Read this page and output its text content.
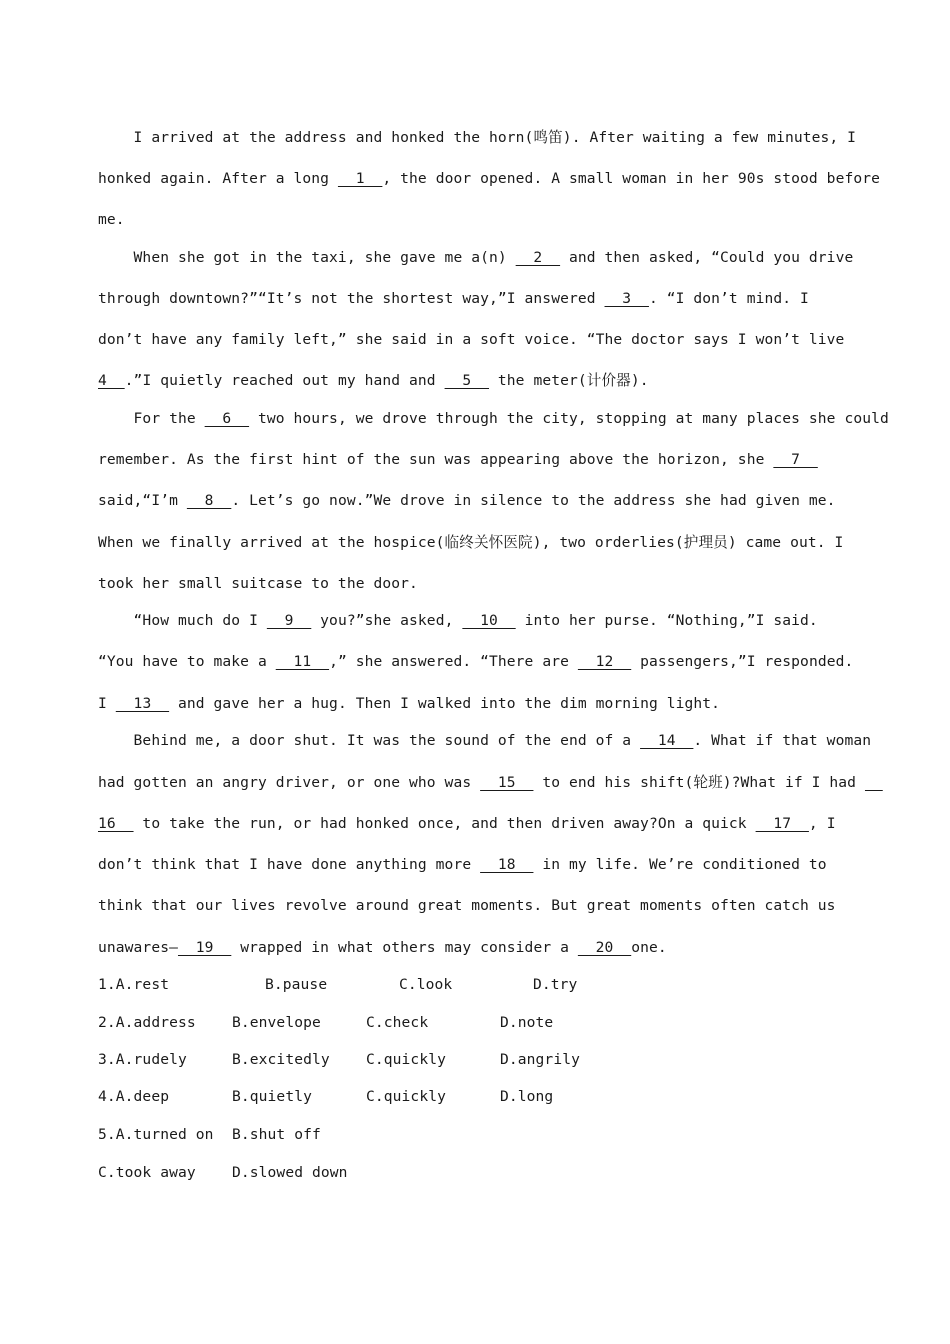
I arrived at the address and honked the horn(鸣笛). After waiting a few minutes, I
honked again. After a long   1  , the door opened. A small woman in her 90s stood before
me.
When she got in the taxi, she gave me a(n)   2   and then asked, “Could you drive
through downtown?”“It’s not the shortest way,”I answered   3  . “I don’t mind. I
don’t have any family left,” she said in a soft voice. “The doctor says I won’t live
4  .”I quietly reached out my hand and   5   the meter(计价器).
For the   6   two hours, we drove through the city, stopping at many places she could
remember. As the first hint of the sun was appearing above the horizon, she   7
said,“I’m   8  . Let’s go now.”We drove in silence to the address she had given me.
When we finally arrived at the hospice(临终关怀医院), two orderlies(护理员) came out. I
took her small suitcase to the door.
“How much do I   9   you?”she asked,   10   into her purse. “Nothing,”I said.
“You have to make a   11  ,” she answered. “There are   12   passengers,”I responded.
I   13   and gave her a hug. Then I walked into the dim morning light.
Behind me, a door shut. It was the sound of the end of a   14  . What if that woman
had gotten an angry driver, or one who was   15   to end his shift(轮班)?What if I had
16   to take the run, or had honked once, and then driven away?On a quick   17  , I
don’t think that I have done anything more   18   in my life. We’re conditioned to
think that our lives revolve around great moments. But great moments often catch us
unawares—  19   wrapped in what others may consider a   20  one.
1.A.rest	B.pause	C.look	D.try
2.A.address B.envelope	C.check	D.note
3.A.rudely	B.excitedly C.quickly	D.angrily
4.A.deep	B.quietly	C.quickly	D.long
5.A.turned on B.shut off
C.took away D.slowed down
